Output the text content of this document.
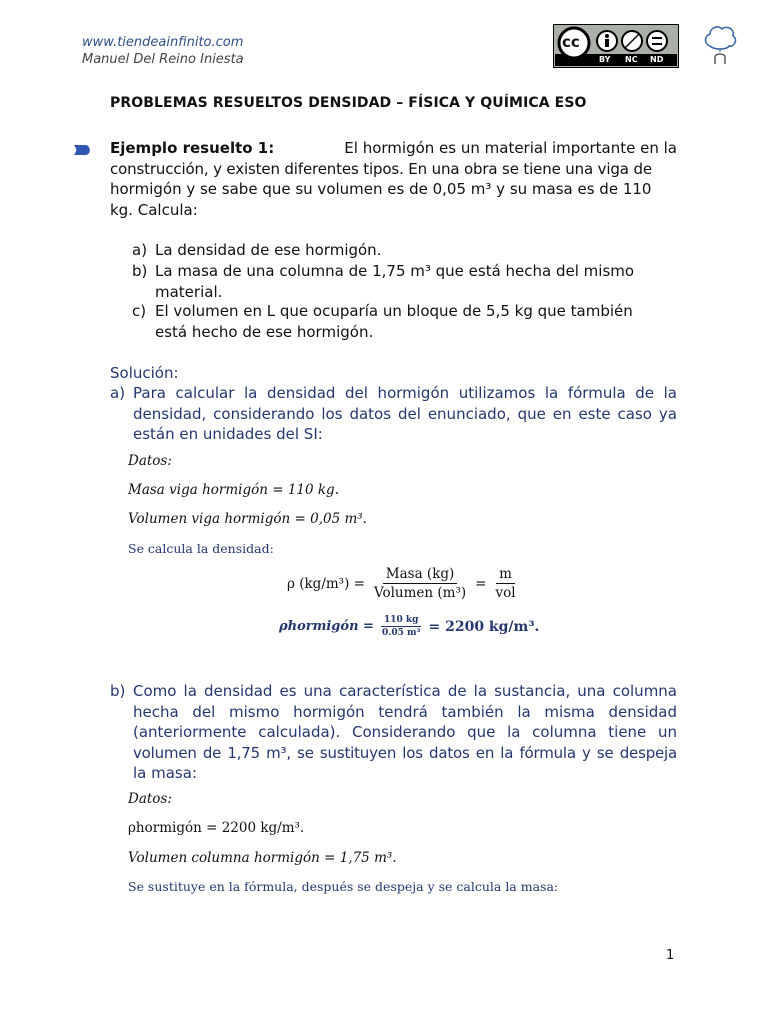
www.tiendeainfinito.com
Manuel Del Reino Iniesta
cc
BY NC ND
PROBLEMAS RESUELTOS DENSIDAD – FÍSICA Y QUÍMICA ESO
Ejemplo resuelto 1:	El hormigón es un material importante en la
construcción, y existen diferentes tipos. En una obra se tiene una viga de
hormigón y se sabe que su volumen es de 0,05 m³ y su masa es de 110
kg. Calcula:
a) La densidad de ese hormigón.
b) La masa de una columna de 1,75 m³ que está hecha del mismo
material.
c) El volumen en L que ocuparía un bloque de 5,5 kg que también
está hecho de ese hormigón.
Solución:
a) Para calcular la densidad del hormigón utilizamos la fórmula de la
densidad, considerando los datos del enunciado, que en este caso ya
están en unidades del SI:
Datos:
Masa viga hormigón = 110 kg.
Volumen viga hormigón = 0,05 m³.
Se calcula la densidad:
ρ $(kg/m^3) = \frac{\text{Masa (kg)}}{\text{Volumen (m³)}} = \frac{m}{\text{vol}}$
ρhormigón = $\frac{110 kg}{\text{0.05 m³}} = 2200$ kg/m³.
b) Como la densidad es una característica de la sustancia, una columna
hecha del mismo hormigón tendrá también la misma densidad
(anteriormente calculada). Considerando que la columna tiene un
volumen de 1,75 m³, se sustituyen los datos en la fórmula y se despeja
la masa:
Datos:
ρhormigón = 2200 kg/m³.
Volumen columna hormigón = 1,75 m³.
Se sustituye en la fórmula, después se despeja y se calcula la masa:
1
